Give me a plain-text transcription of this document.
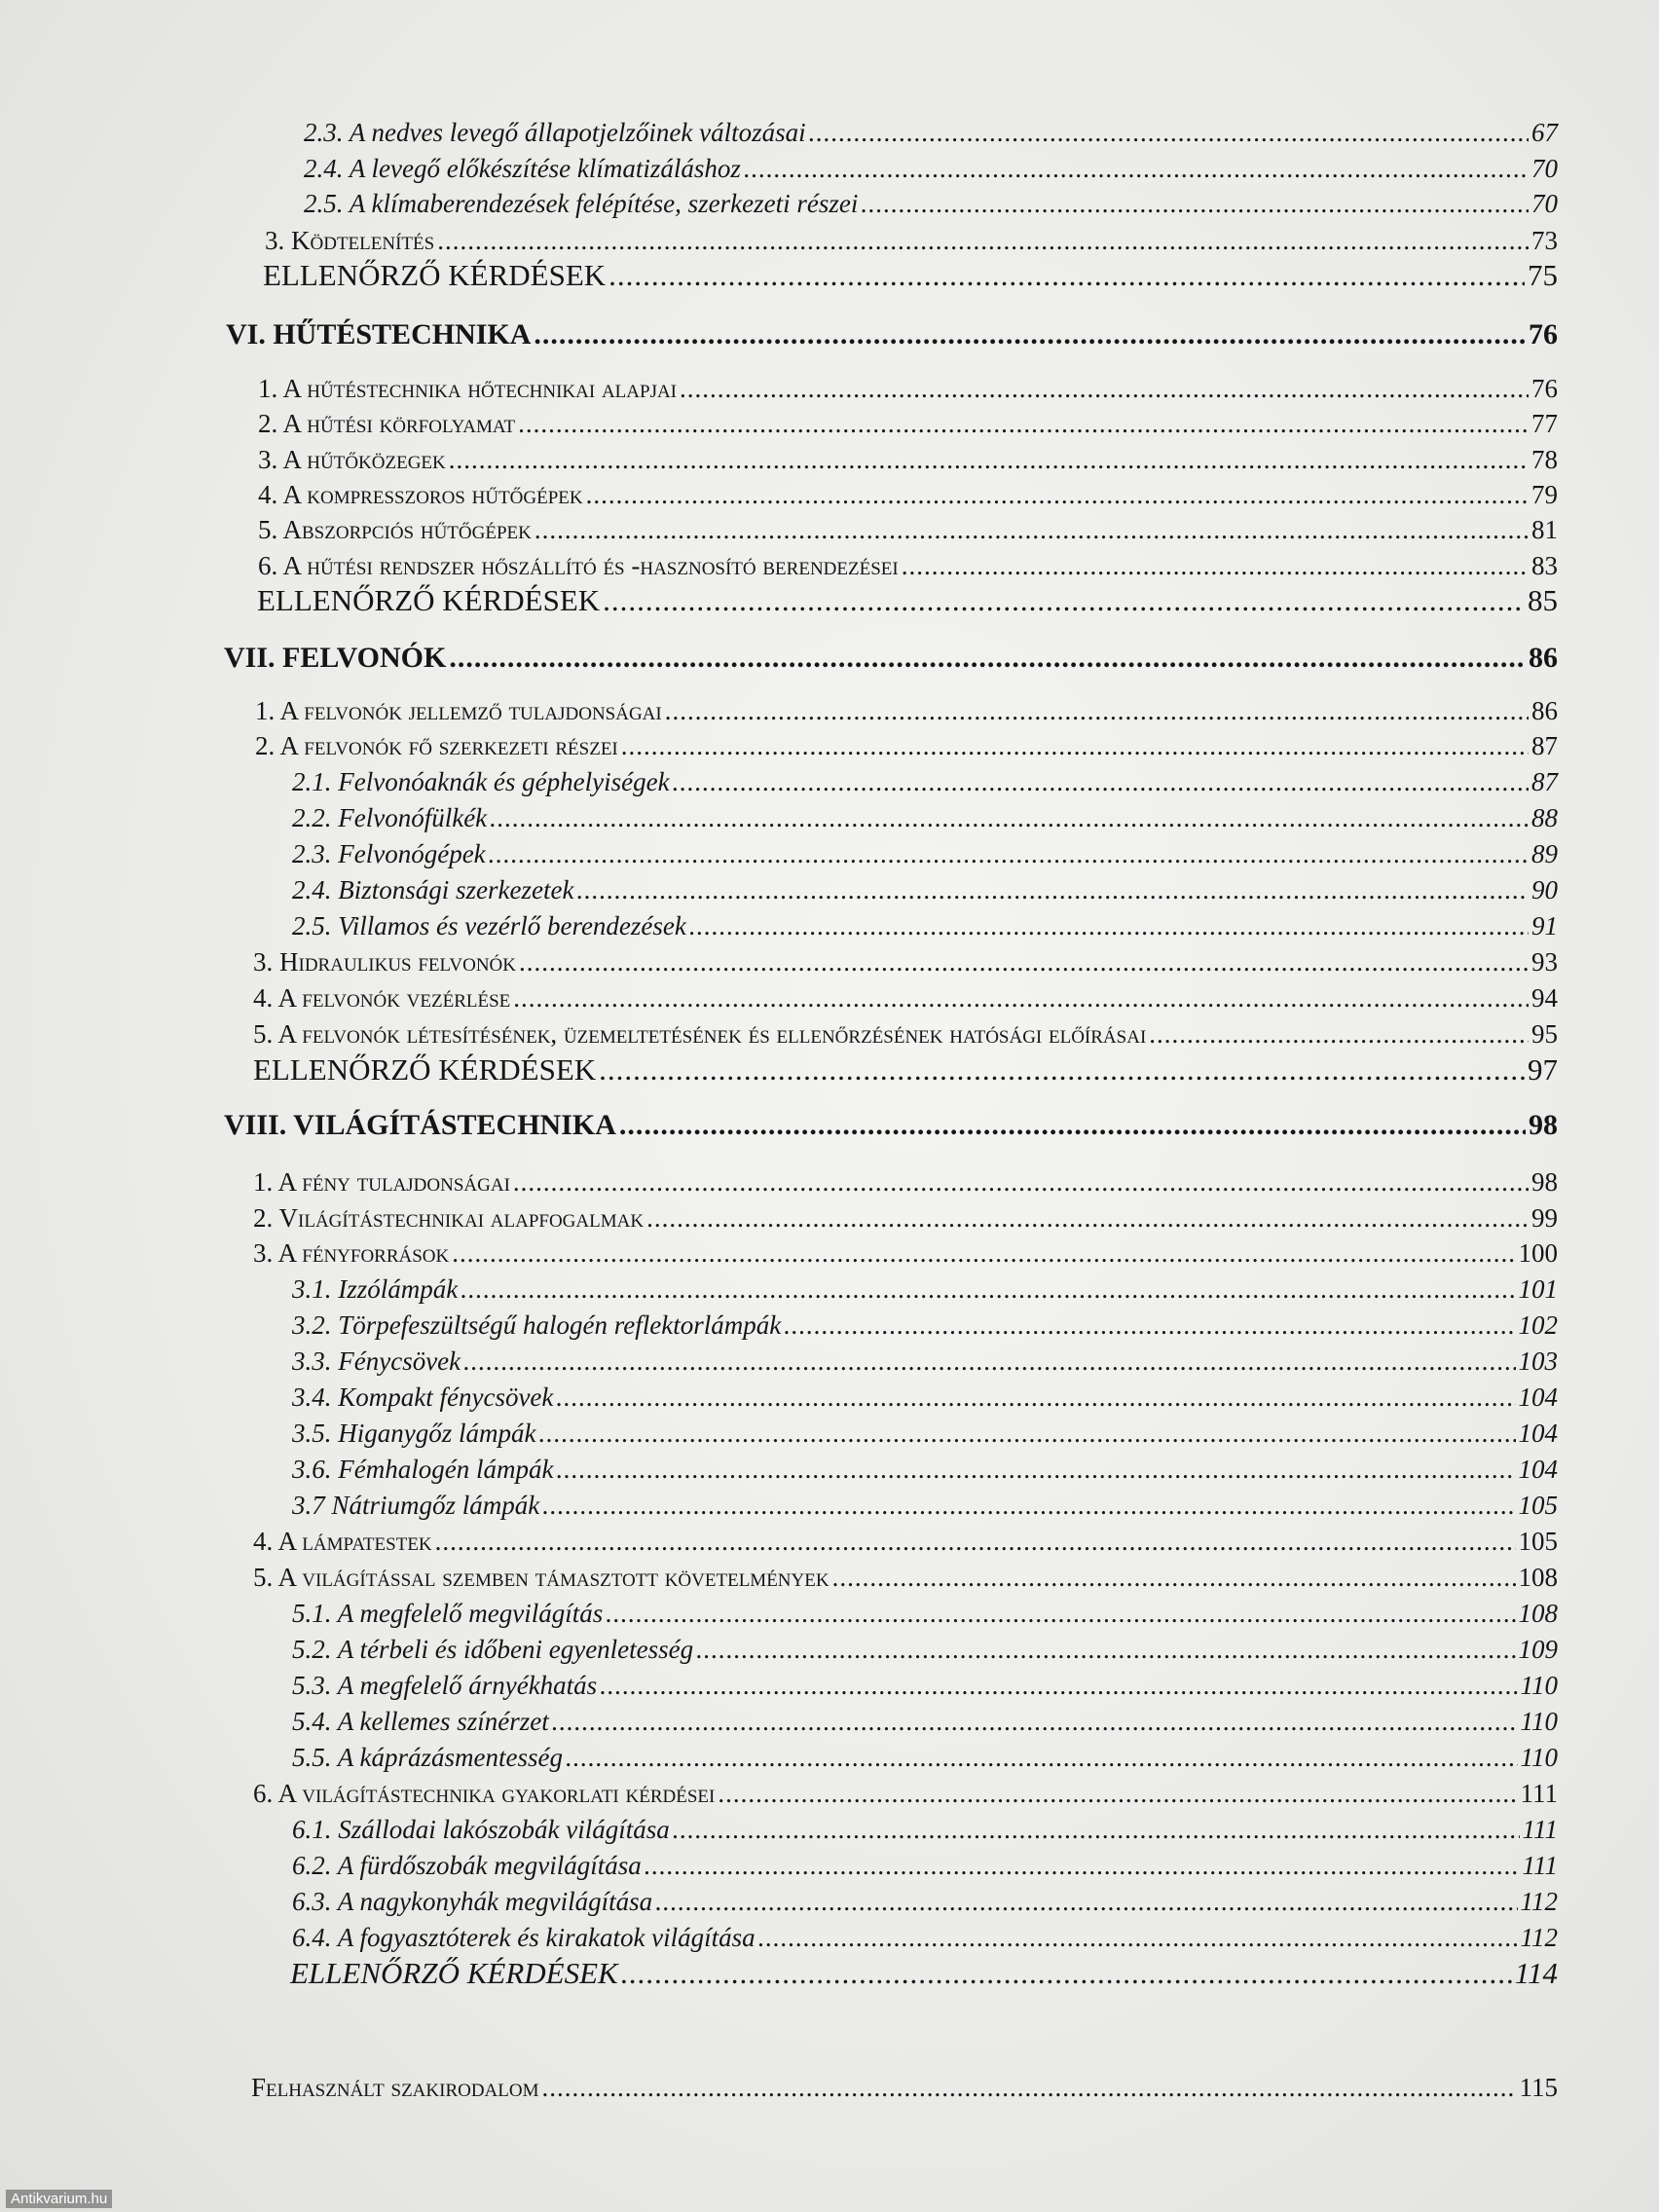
2.3. A nedves levegő állapotjelzőinek változásai .....	67
2.4. A levegő előkészítése klímatizáláshoz .....	70
2.5. A klímaberendezések felépítése, szerkezeti részei .....	70
3. Ködtelenítés .....	73
ELLENŐRZŐ KÉRDÉSEK .....	75
VI. HŰTÉSTECHNIKA .....	76
1. A hűtéstechnika hőtechnikai alapjai .....	76
2. A hűtési körfolyamat .....	77
3. A hűtőközegek .....	78
4. A kompresszoros hűtőgépek .....	79
5. Abszorpciós hűtőgépek .....	81
6. A hűtési rendszer hőszállító és -hasznosító berendezései .....	83
ELLENŐRZŐ KÉRDÉSEK .....	85
VII. FELVONÓK .....	86
1. A felvonók jellemző tulajdonságai .....	86
2. A felvonók fő szerkezeti részei .....	87
2.1. Felvonóaknák és géphelyiségek .....	87
2.2. Felvonófülkék .....	88
2.3. Felvonógépek .....	89
2.4. Biztonsági szerkezetek .....	90
2.5. Villamos és vezérlő berendezések .....	91
3. Hidraulikus felvonók .....	93
4. A felvonók vezérlése .....	94
5. A felvonók létesítésének, üzemeltetésének és ellenőrzésének hatósági előírásai .....	95
ELLENŐRZŐ KÉRDÉSEK .....	97
VIII. VILÁGÍTÁSTECHNIKA .....	98
1. A fény tulajdonságai .....	98
2. Világítástechnikai alapfogalmak .....	99
3. A fényforrások .....	100
3.1. Izzólámpák .....	101
3.2. Törpefeszültségű halogén reflektorlámpák .....	102
3.3. Fénycsövek .....	103
3.4. Kompakt fénycsövek .....	104
3.5. Higanygőz lámpák .....	104
3.6. Fémhalogén lámpák .....	104
3.7 Nátriumgőz lámpák .....	105
4. A lámpatestek .....	105
5. A világítással szemben támasztott követelmények .....	108
5.1. A megfelelő megvilágítás .....	108
5.2. A térbeli és időbeni egyenletesség .....	109
5.3. A megfelelő árnyékhatás .....	110
5.4. A kellemes színérzet .....	110
5.5. A káprázásmentesség .....	110
6. A világítástechnika gyakorlati kérdései .....	111
6.1. Szállodai lakószobák világítása .....	111
6.2. A fürdőszobák megvilágítása .....	111
6.3. A nagykonyhák megvilágítása .....	112
6.4. A fogyasztóterek és kirakatok világítása .....	112
ELLENŐRZŐ KÉRDÉSEK .....	114
Felhasznált szakirodalom .....	115
Antikvarium.hu
